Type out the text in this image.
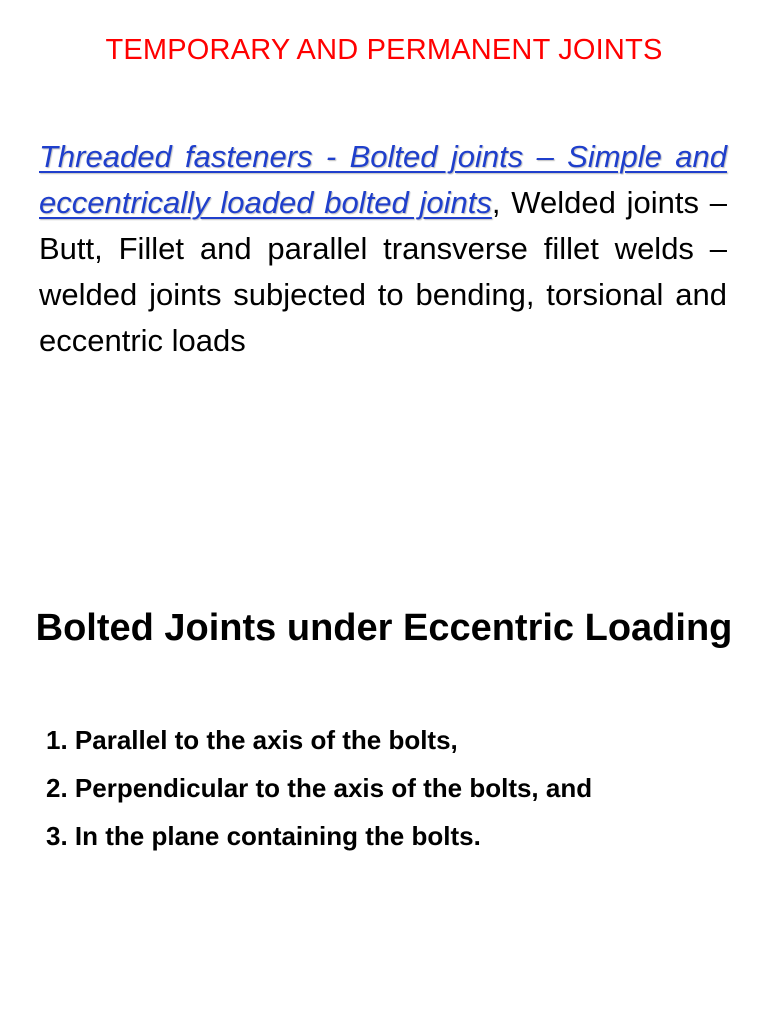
TEMPORARY AND PERMANENT JOINTS

Threaded fasteners - Bolted joints – Simple and eccentrically loaded bolted joints, Welded joints – Butt, Fillet and parallel transverse fillet welds – welded joints subjected to bending, torsional and eccentric loads

Bolted Joints under Eccentric Loading
1. Parallel to the axis of the bolts,
2. Perpendicular to the axis of the bolts, and
3. In the plane containing the bolts.
